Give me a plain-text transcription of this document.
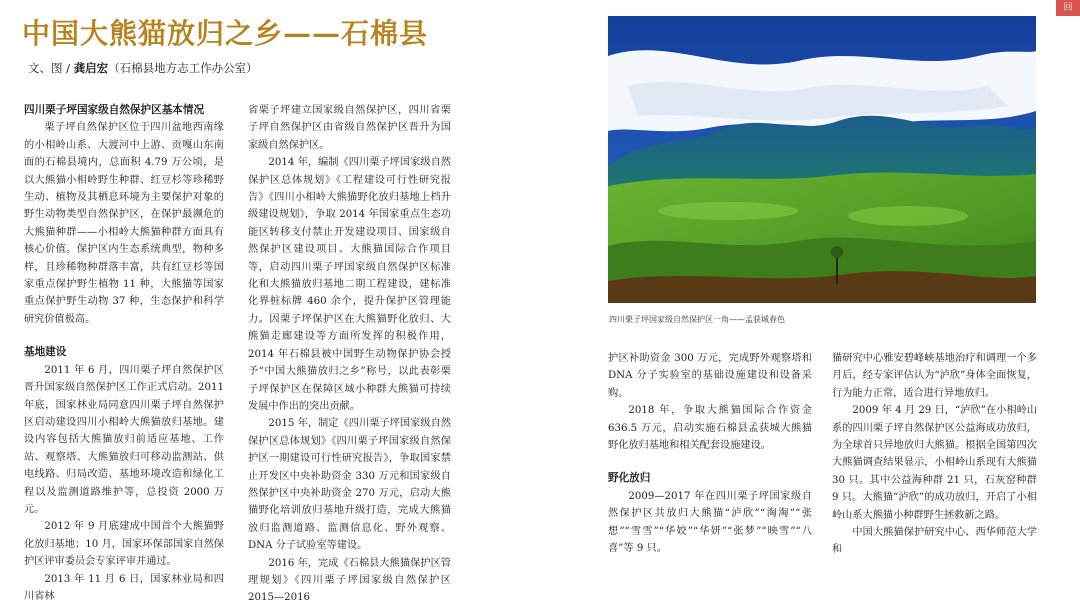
中国大熊猫放归之乡——石棉县
文、图 / 龚启宏（石棉县地方志工作办公室）
四川栗子坪国家级自然保护区基本情况

栗子坪自然保护区位于四川盆地西南缘的小相岭山系、大渡河中上游、贡嘎山东南面的石棉县境内，总面积 4.79 万公顷，是以大熊猫小相岭野生种群、红豆杉等珍稀野生动、植物及其栖息环境为主要保护对象的野生动物类型自然保护区，在保护最濒危的大熊猫种群——小相岭大熊猫种群方面具有核心价值。保护区内生态系统典型，物种多样，且珍稀物种群落丰富，共有红豆杉等国家重点保护野生植物 11 种，大熊猫等国家重点保护野生动物 37 种，生态保护和科学研究价值极高。

基地建设

2011 年 6 月，四川栗子坪自然保护区晋升国家级自然保护区工作正式启动。2011 年底，国家林业局同意四川栗子坪自然保护区启动建设四川小相岭大熊猫放归基地。建设内容包括大熊猫放归前适应基地、工作站、观察塔、大熊猫放归可移动监测站、供电线路、归局改造、基地环境改造和绿化工程以及监测道路维护等，总投资 2000 万元。

2012 年 9 月底建成中国首个大熊猫野化放归基地；10 月，国家环保部国家自然保护区评审委员会专家评审并通过。

2013 年 11 月 6 日，国家林业局和四川省林

省栗子坪建立国家级自然保护区，四川省栗子坪自然保护区由省级自然保护区晋升为国家级自然保护区。

2014 年，编制《四川栗子坪国家级自然保护区总体规划》《工程建设可行性研究报告》《四川小相岭大熊猫野化放归基地上档升级建设规划》，争取 2014 年国家重点生态功能区转移支付禁止开发建设项目、国家级自然保护区建设项目、大熊猫国际合作项目等，启动四川栗子坪国家级自然保护区标准化和大熊猫放归基地二期工程建设，建标准化界桩标牌 460 余个，提升保护区管理能力。因栗子坪保护区在大熊猫野化放归、大熊猫走廊建设等方面所发挥的积极作用，2014 年石棉县被中国野生动物保护协会授予“中国大熊猫放归之乡”称号，以此表彰栗子坪保护区在保障区域小种群大熊猫可持续发展中作出的突出贡献。

2015 年，制定《四川栗子坪国家级自然保护区总体规划》《四川栗子坪国家级自然保护区一期建设可行性研究报告》，争取国家禁止开发区中央补助资金 330 万元和国家级自然保护区中央补助资金 270 万元，启动大熊猫野化培训放归基地升级打造，完成大熊猫放归监测道路、监测信息化、野外观察、DNA 分子试验室等建设。

2016 年，完成《石棉县大熊猫保护区管理规划》《四川栗子坪国家级自然保护区 2015—2016

四川栗子坪国家级自然保护区一角——孟获城春色

护区补助资金 300 万元，完成野外观察塔和 DNA 分子实验室的基础设施建设和设备采购。

2018 年，争取大熊猫国际合作资金 636.5 万元，启动实施石棉县孟获城大熊猫野化放归基地和相关配套设施建设。

野化放归

2009—2017 年在四川栗子坪国家级自然保护区共放归大熊猫“泸欣”“淘淘”“张想”“雪雪”“华姣”“华妍”“张梦”“映雪”“八喜”等 9 只。

猫研究中心雅安碧峰峡基地治疗和调理一个多月后，经专家评估认为“泸欣”身体全面恢复，行为能力正常，适合进行异地放归。

2009 年 4 月 29 日，“泸欣”在小相岭山系的四川栗子坪自然保护区公益海成功放归，为全球首只异地放归大熊猫。根据全国第四次大熊猫调查结果显示，小相岭山系现有大熊猫 30 只。其中公益海种群 21 只，石灰窑种群 9 只。大熊猫“泸欣”的成功放归，开启了小相岭山系大熊猫小种群野生拯救新之路。

中国大熊猫保护研究中心、西华师范大学和

回
